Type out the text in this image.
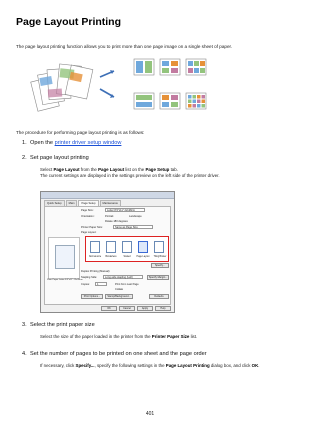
Page Layout Printing
The page layout printing function allows you to print more than one page image on a single sheet of paper.
The procedure for performing page layout printing is as follows:
1. Open the printer driver setup window
2. Set page layout printing
Select Page Layout from the Page Layout list on the Page Setup tab.
The current settings are displayed in the settings preview on the left side of the printer driver.
Quick Setup	Main	Page Setup	Maintenance
Page Size:	Letter 8.5"x11" 22x28cm
Orientation:	Portrait	Landscape
Rotate 180 degrees
Printer Paper Size:	Same as Page Size
Page Layout:
Plain Paper Letter 8.5"x11" 22x28cm
Normal-size	Borderless	Scaled	Page Layout	Tiling/Poster
Specify...
Duplex Printing (Manual)
Stapling Side:	Long-side stapling (Left)	Specify Margin...
Copies:	1	Print from Last Page
Collate
Print Options...	Stamp/Background...	Defaults
OK	Cancel	Apply	Help
3. Select the print paper size
Select the size of the paper loaded in the printer from the Printer Paper Size list.
4. Set the number of pages to be printed on one sheet and the page order
If necessary, click Specify..., specify the following settings in the Page Layout Printing dialog box, and click OK.
401
